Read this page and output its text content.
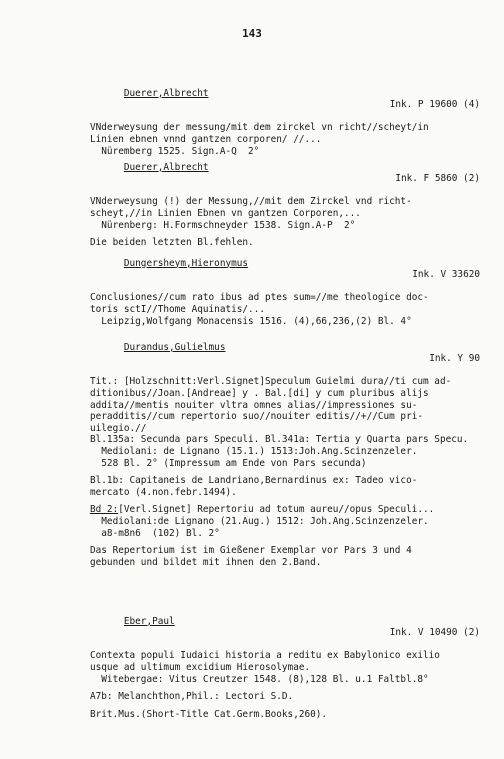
143

Duerer,Albrecht

Ink. P 19600 (4)

VNderweysung der messung/mit dem zirckel vn richt//scheyt/in
Linien ebnen vnnd gantzen corporen/ //...
Nüremberg 1525. Sign.A-Q  2°

Duerer,Albrecht

Ink. F 5860 (2)

VNderweysung (!) der Messung,//mit dem Zirckel vnd richt-
scheyt,//in Linien Ebnen vn gantzen Corporen,...
Nürenberg: H.Formschneyder 1538. Sign.A-P  2°
Die beiden letzten Bl.fehlen.

Dungersheym,Hieronymus

Ink. V 33620

Conclusiones//cum rato ibus ad ptes sum=//me theologice doc-
toris sctI//Thome Aquinatis/...
Leipzig,Wolfgang Monacensis 1516. (4),66,236,(2) Bl. 4°

Durandus,Gulielmus

Ink. Y 90

Tit.: [Holzschnitt:Verl.Signet]Speculum Guielmi dura//ti cum ad-
ditionibus//Joan.[Andreae] ƴ . Bal.[di] ƴ cum pluribus alijs
addita//mentis nouiter vltra omnes alias//impressiones su-
peradditis//cum repertorio suo//nouiter editis//+//Cum pri-
uilegio.//
Bl.135a: Secunda pars Speculi. Bl.341a: Tertia ƴ Quarta pars Specu.
Mediolani: de Lignano (15.1.) 1513:Joh.Ang.Scinzenzeler.
528 Bl. 2° (Impressum am Ende von Pars secunda)
Bl.1b: Capitaneis de Landriano,Bernardinus ex: Tadeo vico-
mercato (4.non.febr.1494).
Bd 2:[Verl.Signet] Repertoriu ad totum aureu//opus Speculi...
Mediolani:de Lignano (21.Aug.) 1512: Joh.Ang.Scinzenzeler.
a8-m8n6  (102) Bl. 2°
Das Repertorium ist im Gießener Exemplar vor Pars 3 und 4
gebunden und bildet mit ihnen den 2.Band.

Eber,Paul

Ink. V 10490 (2)

Contexta populi Iudaici historia a reditu ex Babylonico exilio
usque ad ultimum excidium Hierosolymae.
Witebergae: Vitus Creutzer 1548. (8),128 Bl. u.1 Faltbl.8°
A7b: Melanchthon,Phil.: Lectori S.D.
Brit.Mus.(Short-Title Cat.Germ.Books,260).
